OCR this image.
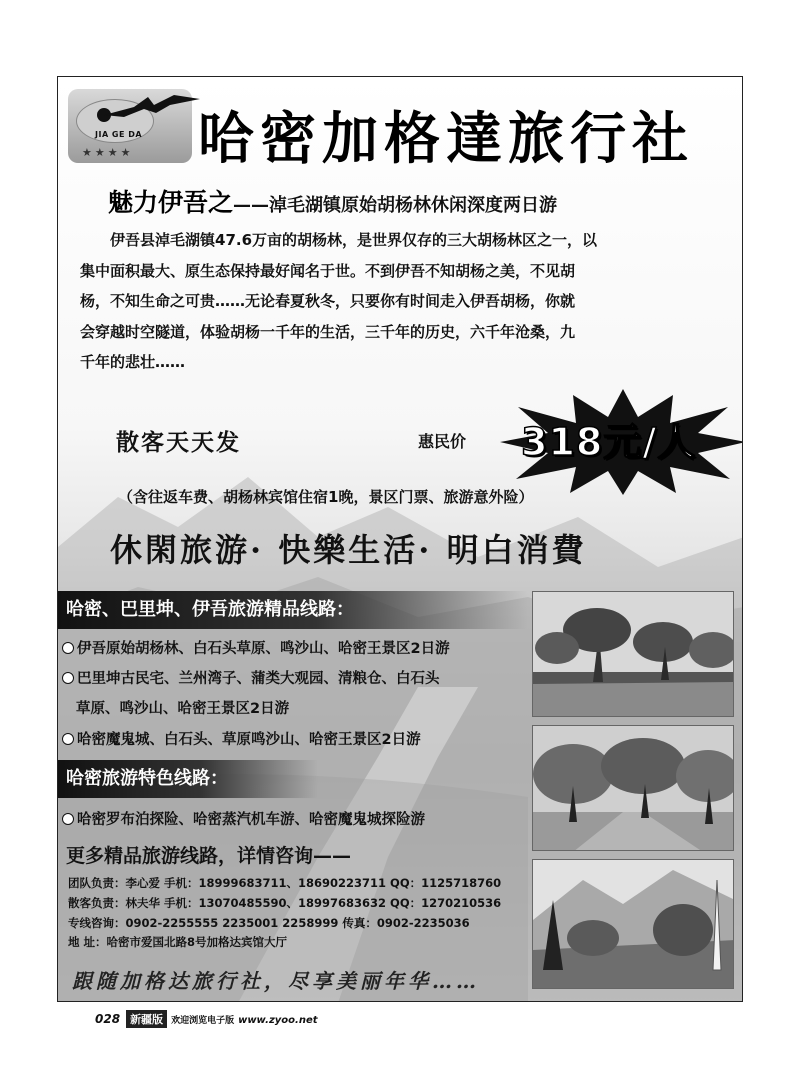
JIA GE DA
★★★★ 哈密加格達旅行社
魅力伊吾之——淖毛湖镇原始胡杨林休闲深度两日游
伊吾县淖毛湖镇47.6万亩的胡杨林，是世界仅存的三大胡杨林区之一，以
集中面积最大、原生态保持最好闻名于世。不到伊吾不知胡杨之美，不见胡
杨，不知生命之可贵……无论春夏秋冬，只要你有时间走入伊吾胡杨，你就
会穿越时空隧道，体验胡杨一千年的生活，三千年的历史，六千年沧桑，九
千年的悲壮……
散客天天发	惠民价 318元/人
（含往返车费、胡杨林宾馆住宿1晚，景区门票、旅游意外险）
休閑旅游· 快樂生活· 明白消費
哈密、巴里坤、伊吾旅游精品线路：
伊吾原始胡杨林、白石头草原、鸣沙山、哈密王景区2日游
巴里坤古民宅、兰州湾子、蒲类大观园、清粮仓、白石头
草原、鸣沙山、哈密王景区2日游
哈密魔鬼城、白石头、草原鸣沙山、哈密王景区2日游
哈密旅游特色线路：
哈密罗布泊探险、哈密蒸汽机车游、哈密魔鬼城探险游
更多精品旅游线路，详情咨询——
团队负责：李心爱 手机：18999683711、18690223711 QQ：1125718760
散客负责：林夫华 手机：13070485590、18997683632 QQ：1270210536
专线咨询：0902-2255555 2235001 2258999 传真：0902-2235036
地 址：哈密市爱国北路8号加格达宾馆大厅
跟随加格达旅行社，尽享美丽年华……
028 新疆版 欢迎浏览电子版 www.zyoo.net
